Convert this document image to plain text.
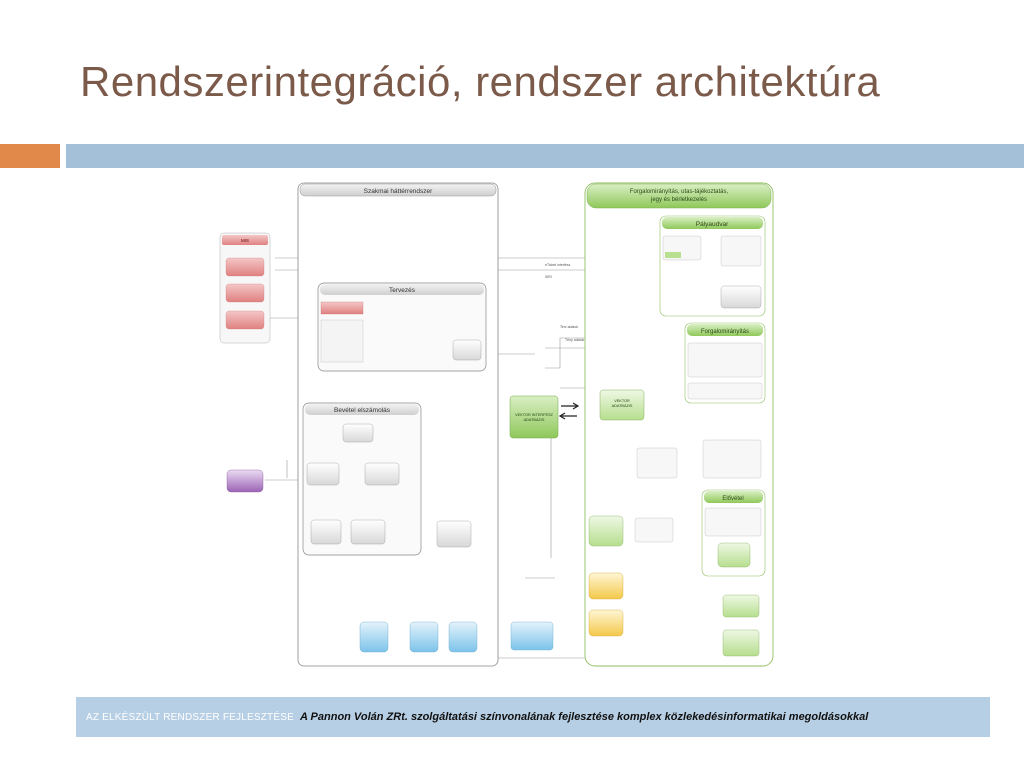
Rendszerintegráció, rendszer architektúra
Szakmai háttérrendszer	Forgalomirányítás, utas-tájékoztatás,
jegy és bérletkezelés
MIS
Tervezés
Bevétel elszámolás
VEKTOR INTERFÉSZ
ADATBÁZIS
VEKTOR
ADATBÁZIS
Pályaudvar
Forgalomirányítás
Elővétel
eTicket interfész
SIRI
Terv adatok
Tény adatok
AZ ELKÉSZÜLT RENDSZER FEJLESZTÉSE A Pannon Volán ZRt. szolgáltatási színvonalának fejlesztése komplex közlekedésinformatikai megoldásokkal
